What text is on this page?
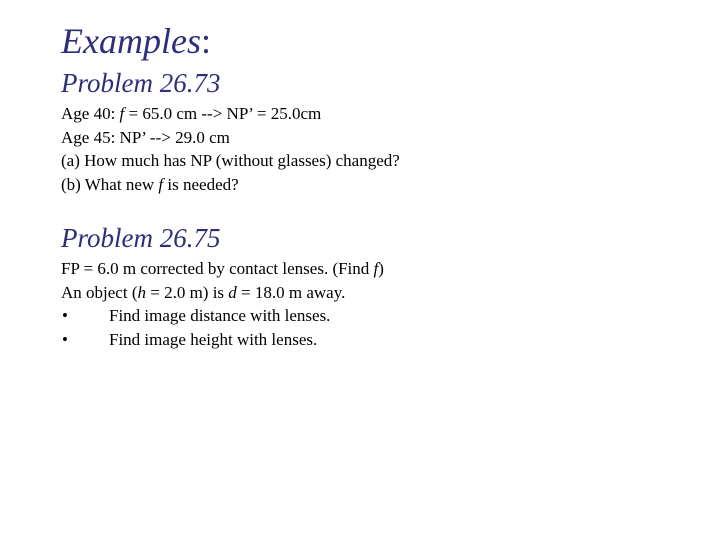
Examples:
Problem 26.73
Age 40: f = 65.0 cm --> NP’ = 25.0cm
Age 45: NP’ --> 29.0 cm
(a) How much has NP (without glasses) changed?
(b) What new f is needed?
Problem 26.75
FP = 6.0 m corrected by contact lenses. (Find f)
An object (h = 2.0 m) is d = 18.0 m away.
• Find image distance with lenses.
• Find image height with lenses.
